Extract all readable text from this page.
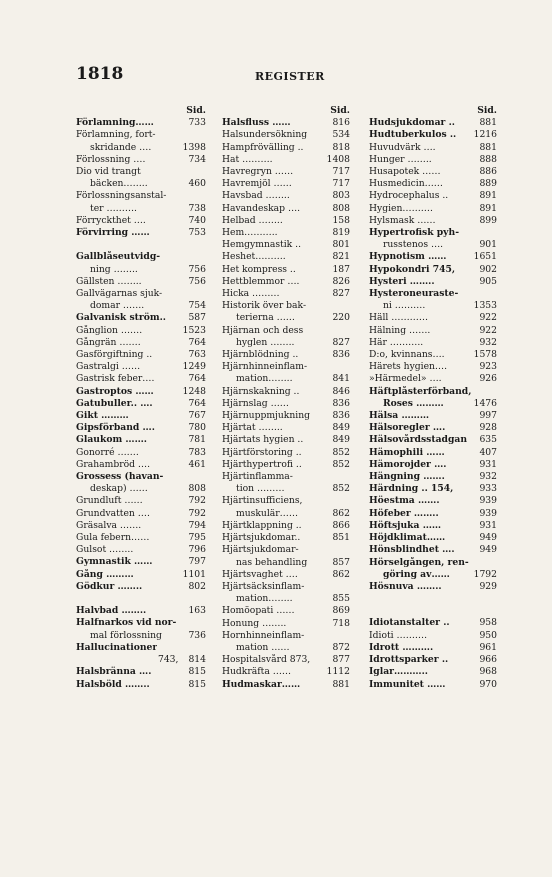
1818	REGISTER
Sid.
Förlamning……	733
Förlamning, fort-
skridande ….	1398
Förlossning ….	734
Dio vid trangt
bäcken……..	460
Förlossningsanstal-
ter ……….	738
Förryckthet ….	740
Förvirring ……	753
Gallblåseutvidg-
ning ……..	756
Gällsten ……..	756
Gallvägarnas sjuk-
domar …….	754
Galvanisk ström..	587
Gånglion …….	1523
Gångrän …….	764
Gasförgiftning ..	763
Gastralgi ……	1249
Gastrisk feber….	764
Gastroptos ……	1248
Gatubuller.. ….	764
Gikt ………	767
Gipsförband ….	780
Glaukom …….	781
Gonorré …….	783
Grahambröd ….	461
Grossess (havan-
deskap) ……	808
Grundluft ……	792
Grundvatten ….	792
Gräsalva …….	794
Gula febern……	795
Gulsot ……..	796
Gymnastik ……	797
Gång ………	1101
Gödkur ……..	802
Halvbad ……..	163
Halfnarkos vid nor-
mal förlossning	736
Hallucinationer
743,	814
Halsbränna ….	815
Halsböld ……..	815
Sid.
Halsfluss ……	816
Halsundersökning	534
Hampfrövälling ..	818
Hat ……….	1408
Havregryn ……	717
Havremjöl ……	717
Havsbad ……..	803
Havandeskap ….	808
Helbad ……..	158
Hem………..	819
Hemgymnastik ..	801
Heshet……….	821
Het kompress ..	187
Hettblemmor ….	826
Hicka ………	827
Historik över bak-
terierna ……	220
Hjärnan och dess
hyglen ……..	827
Hjärnblödning ..	836
Hjärnhinneinflam-
mation……..	841
Hjärnskakning ..	846
Hjärnslag ……	836
Hjärnuppmjukning	836
Hjärtat ……..	849
Hjärtats hygien ..	849
Hjärtförstoring ..	852
Hjärthypertrofi ..	852
Hjärtinflamma-
tion ………	852
Hjärtinsufficiens,
muskulär……	862
Hjärtklappning ..	866
Hjärtsjukdomar..	851
Hjärtsjukdomar-
nas behandling	857
Hjärtsvaghet ….	862
Hjärtsäcksinflam-
mation……..	855
Homöopati ……	869
Honung ……..	718
Hornhinneinflam-
mation ……	872
Hospitalsvård 873,	877
Hudkräfta ……	1112
Hudmaskar……	881
Sid.
Hudsjukdomar ..	881
Hudtuberkulos ..	1216
Huvudvärk ….	881
Hunger ……..	888
Husapotek ……	886
Husmedicin……	889
Hydrocephalus ..	891
Hygien……….	891
Hylsmask ……	899
Hypertrofisk pyh-
russtenos ….	901
Hypnotism ……	1651
Hypokondri 745,	902
Hysteri ……..	905
Hysteroneuraste-
ni ……….	1353
Häll …………	922
Hälning …….	922
Här ………..	932
D:o, kvinnans….	1578
Härets hygien….	923
»Härmedel» ….	926
Häftplåsterförband,
Roses ………	1476
Hälsa ………	997
Hälsoregler ….	928
Hälsovårdsstadgan	635
Hämophili ……	407
Hämorojder ….	931
Hängning …….	932
Härdning .. 154,	933
Höestma …….	939
Höfeber ……..	939
Höftsjuka ……	931
Höjdklimat……	949
Hönsblindhet ….	949
Hörselgången, ren-
göring av……	1792
Hösnuva ……..	929
Idiotanstalter ..	958
Idioti ……….	950
Idrott ……….	961
Idrottsparker ..	966
Iglar………..	968
Immunitet ……	970
